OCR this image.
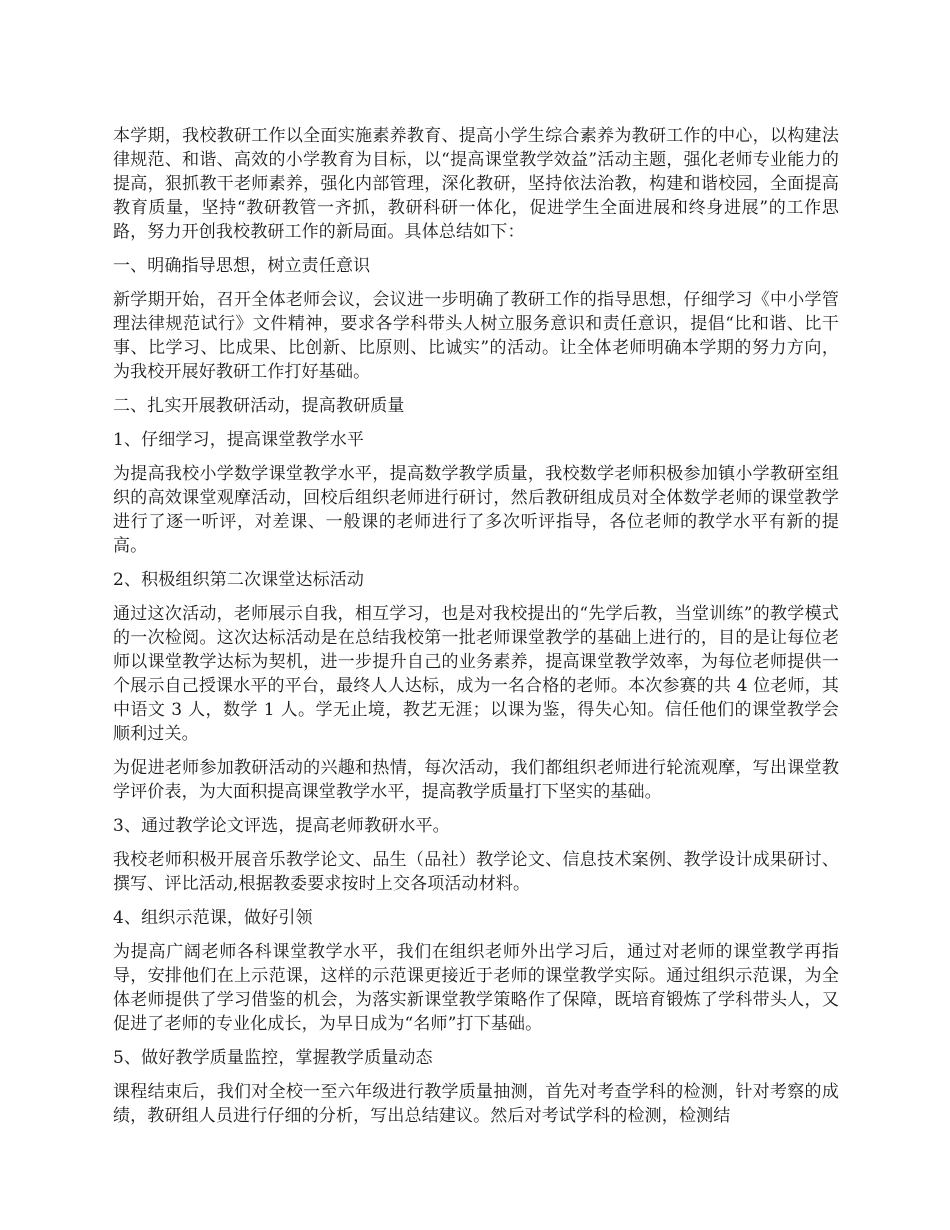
本学期，我校教研工作以全面实施素养教育、提高小学生综合素养为教研工作的中心，以构建法律规范、和谐、高效的小学教育为目标，以“提高课堂教学效益”活动主题，强化老师专业能力的提高，狠抓教干老师素养，强化内部管理，深化教研，坚持依法治教，构建和谐校园，全面提高教育质量，坚持“教研教管一齐抓，教研科研一体化，促进学生全面进展和终身进展”的工作思路，努力开创我校教研工作的新局面。具体总结如下：

一、明确指导思想，树立责任意识

新学期开始，召开全体老师会议，会议进一步明确了教研工作的指导思想，仔细学习《中小学管理法律规范试行》文件精神，要求各学科带头人树立服务意识和责任意识，提倡“比和谐、比干事、比学习、比成果、比创新、比原则、比诚实”的活动。让全体老师明确本学期的努力方向，为我校开展好教研工作打好基础。

二、扎实开展教研活动，提高教研质量

1、仔细学习，提高课堂教学水平

为提高我校小学数学课堂教学水平，提高数学教学质量，我校数学老师积极参加镇小学教研室组织的高效课堂观摩活动，回校后组织老师进行研讨，然后教研组成员对全体数学老师的课堂教学进行了逐一听评，对差课、一般课的老师进行了多次听评指导，各位老师的教学水平有新的提高。

2、积极组织第二次课堂达标活动

通过这次活动，老师展示自我，相互学习，也是对我校提出的“先学后教，当堂训练”的教学模式的一次检阅。这次达标活动是在总结我校第一批老师课堂教学的基础上进行的，目的是让每位老师以课堂教学达标为契机，进一步提升自己的业务素养，提高课堂教学效率，为每位老师提供一个展示自己授课水平的平台，最终人人达标，成为一名合格的老师。本次参赛的共 4 位老师，其中语文 3 人，数学 1 人。学无止境，教艺无涯；以课为鉴，得失心知。信任他们的课堂教学会顺利过关。

为促进老师参加教研活动的兴趣和热情，每次活动，我们都组织老师进行轮流观摩，写出课堂教学评价表，为大面积提高课堂教学水平，提高教学质量打下坚实的基础。

3、通过教学论文评选，提高老师教研水平。

我校老师积极开展音乐教学论文、品生（品社）教学论文、信息技术案例、教学设计成果研讨、撰写、评比活动,根据教委要求按时上交各项活动材料。

4、组织示范课，做好引领

为提高广阔老师各科课堂教学水平，我们在组织老师外出学习后，通过对老师的课堂教学再指导，安排他们在上示范课，这样的示范课更接近于老师的课堂教学实际。通过组织示范课，为全体老师提供了学习借鉴的机会，为落实新课堂教学策略作了保障，既培育锻炼了学科带头人，又促进了老师的专业化成长，为早日成为“名师”打下基础。

5、做好教学质量监控，掌握教学质量动态

课程结束后，我们对全校一至六年级进行教学质量抽测，首先对考查学科的检测，针对考察的成绩，教研组人员进行仔细的分析，写出总结建议。然后对考试学科的检测，检测结
